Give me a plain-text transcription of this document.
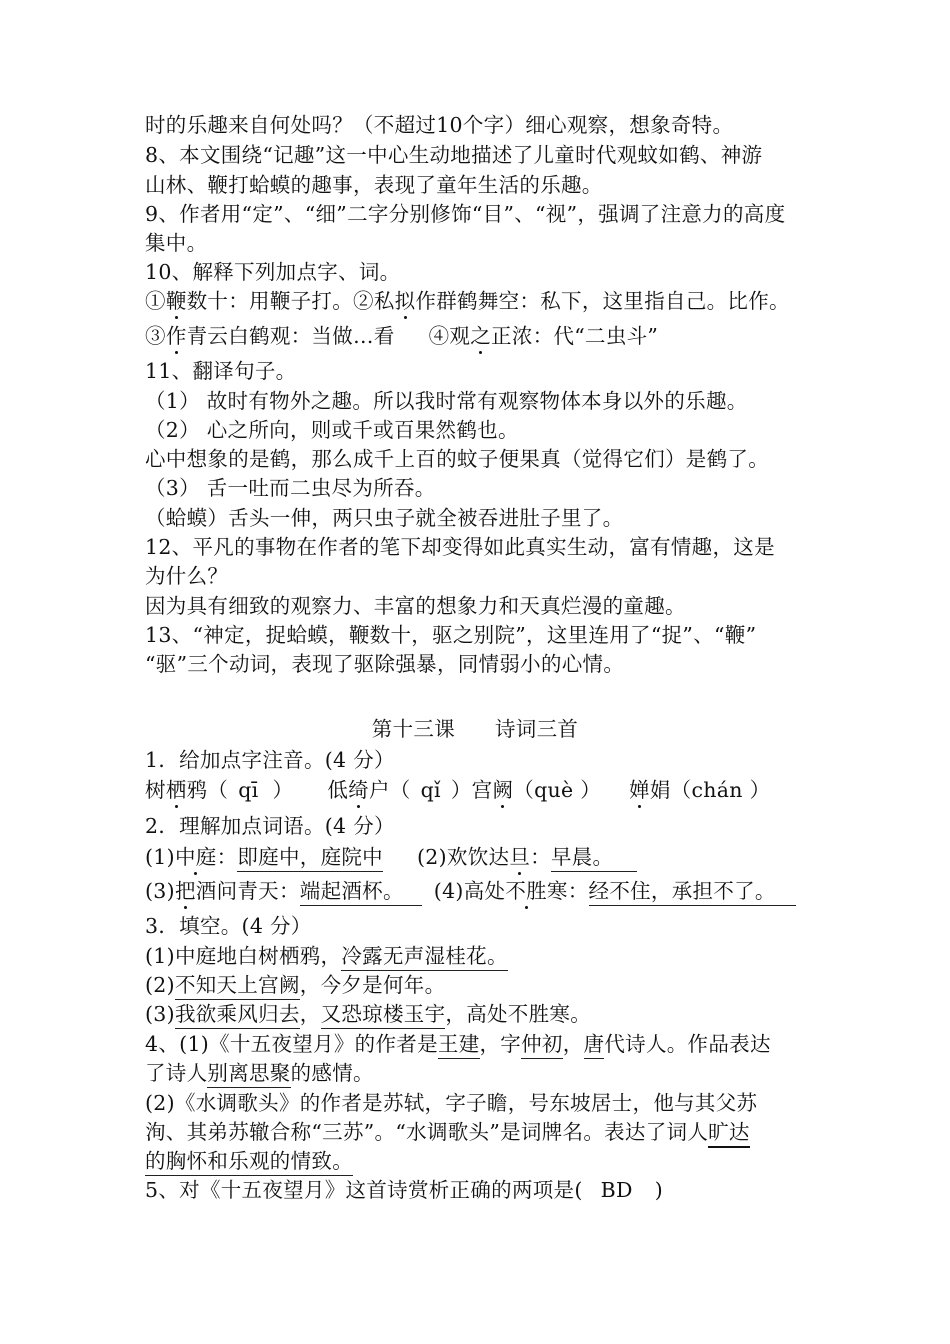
时的乐趣来自何处吗？（不超过10个字）细心观察，想象奇特。
8、本文围绕“记趣”这一中心生动地描述了儿童时代观蚊如鹤、神游
山林、鞭打蛤蟆的趣事，表现了童年生活的乐趣。
9、作者用“定”、“细”二字分别修饰“目”、“视”，强调了注意力的高度
集中。
10、解释下列加点字、词。
①鞭数十：用鞭子打。②私拟作群鹤舞空：私下，这里指自己。比作。
③作青云白鹤观：当做…看 ④观之正浓：代“二虫斗”
11、翻译句子。
（1） 故时有物外之趣。所以我时常有观察物体本身以外的乐趣。
（2） 心之所向，则或千或百果然鹤也。
心中想象的是鹤，那么成千上百的蚊子便果真（觉得它们）是鹤了。
（3） 舌一吐而二虫尽为所吞。
（蛤蟆）舌头一伸，两只虫子就全被吞进肚子里了。
12、平凡的事物在作者的笔下却变得如此真实生动，富有情趣，这是
为什么？
因为具有细致的观察力、丰富的想象力和天真烂漫的童趣。
13、“神定，捉蛤蟆，鞭数十，驱之别院”，这里连用了“捉”、“鞭”
“驱”三个动词，表现了驱除强暴，同情弱小的心情。
第十三课 诗词三首
1．给加点字注音。(4 分）
树栖鸦（ qī ） 低绮户（ qǐ ）宫阙（què ） 婵娟（chán ）
2．理解加点词语。(4 分）
(1)中庭：即庭中，庭院中 (2)欢饮达旦：早晨。
(3)把酒问青天：端起酒杯。 (4)高处不胜寒：经不住，承担不了。
3．填空。(4 分）
(1)中庭地白树栖鸦，冷露无声湿桂花。
(2)不知天上宫阙，今夕是何年。
(3)我欲乘风归去，又恐琼楼玉宇，高处不胜寒。
4、(1)《十五夜望月》的作者是王建，字仲初，唐代诗人。作品表达
了诗人别离思聚的感情。
(2)《水调歌头》的作者是苏轼，字子瞻，号东坡居士，他与其父苏
洵、其弟苏辙合称“三苏”。“水调歌头”是词牌名。表达了词人旷达
的胸怀和乐观的情致。
5、对《十五夜望月》这首诗赏析正确的两项是( BD )
